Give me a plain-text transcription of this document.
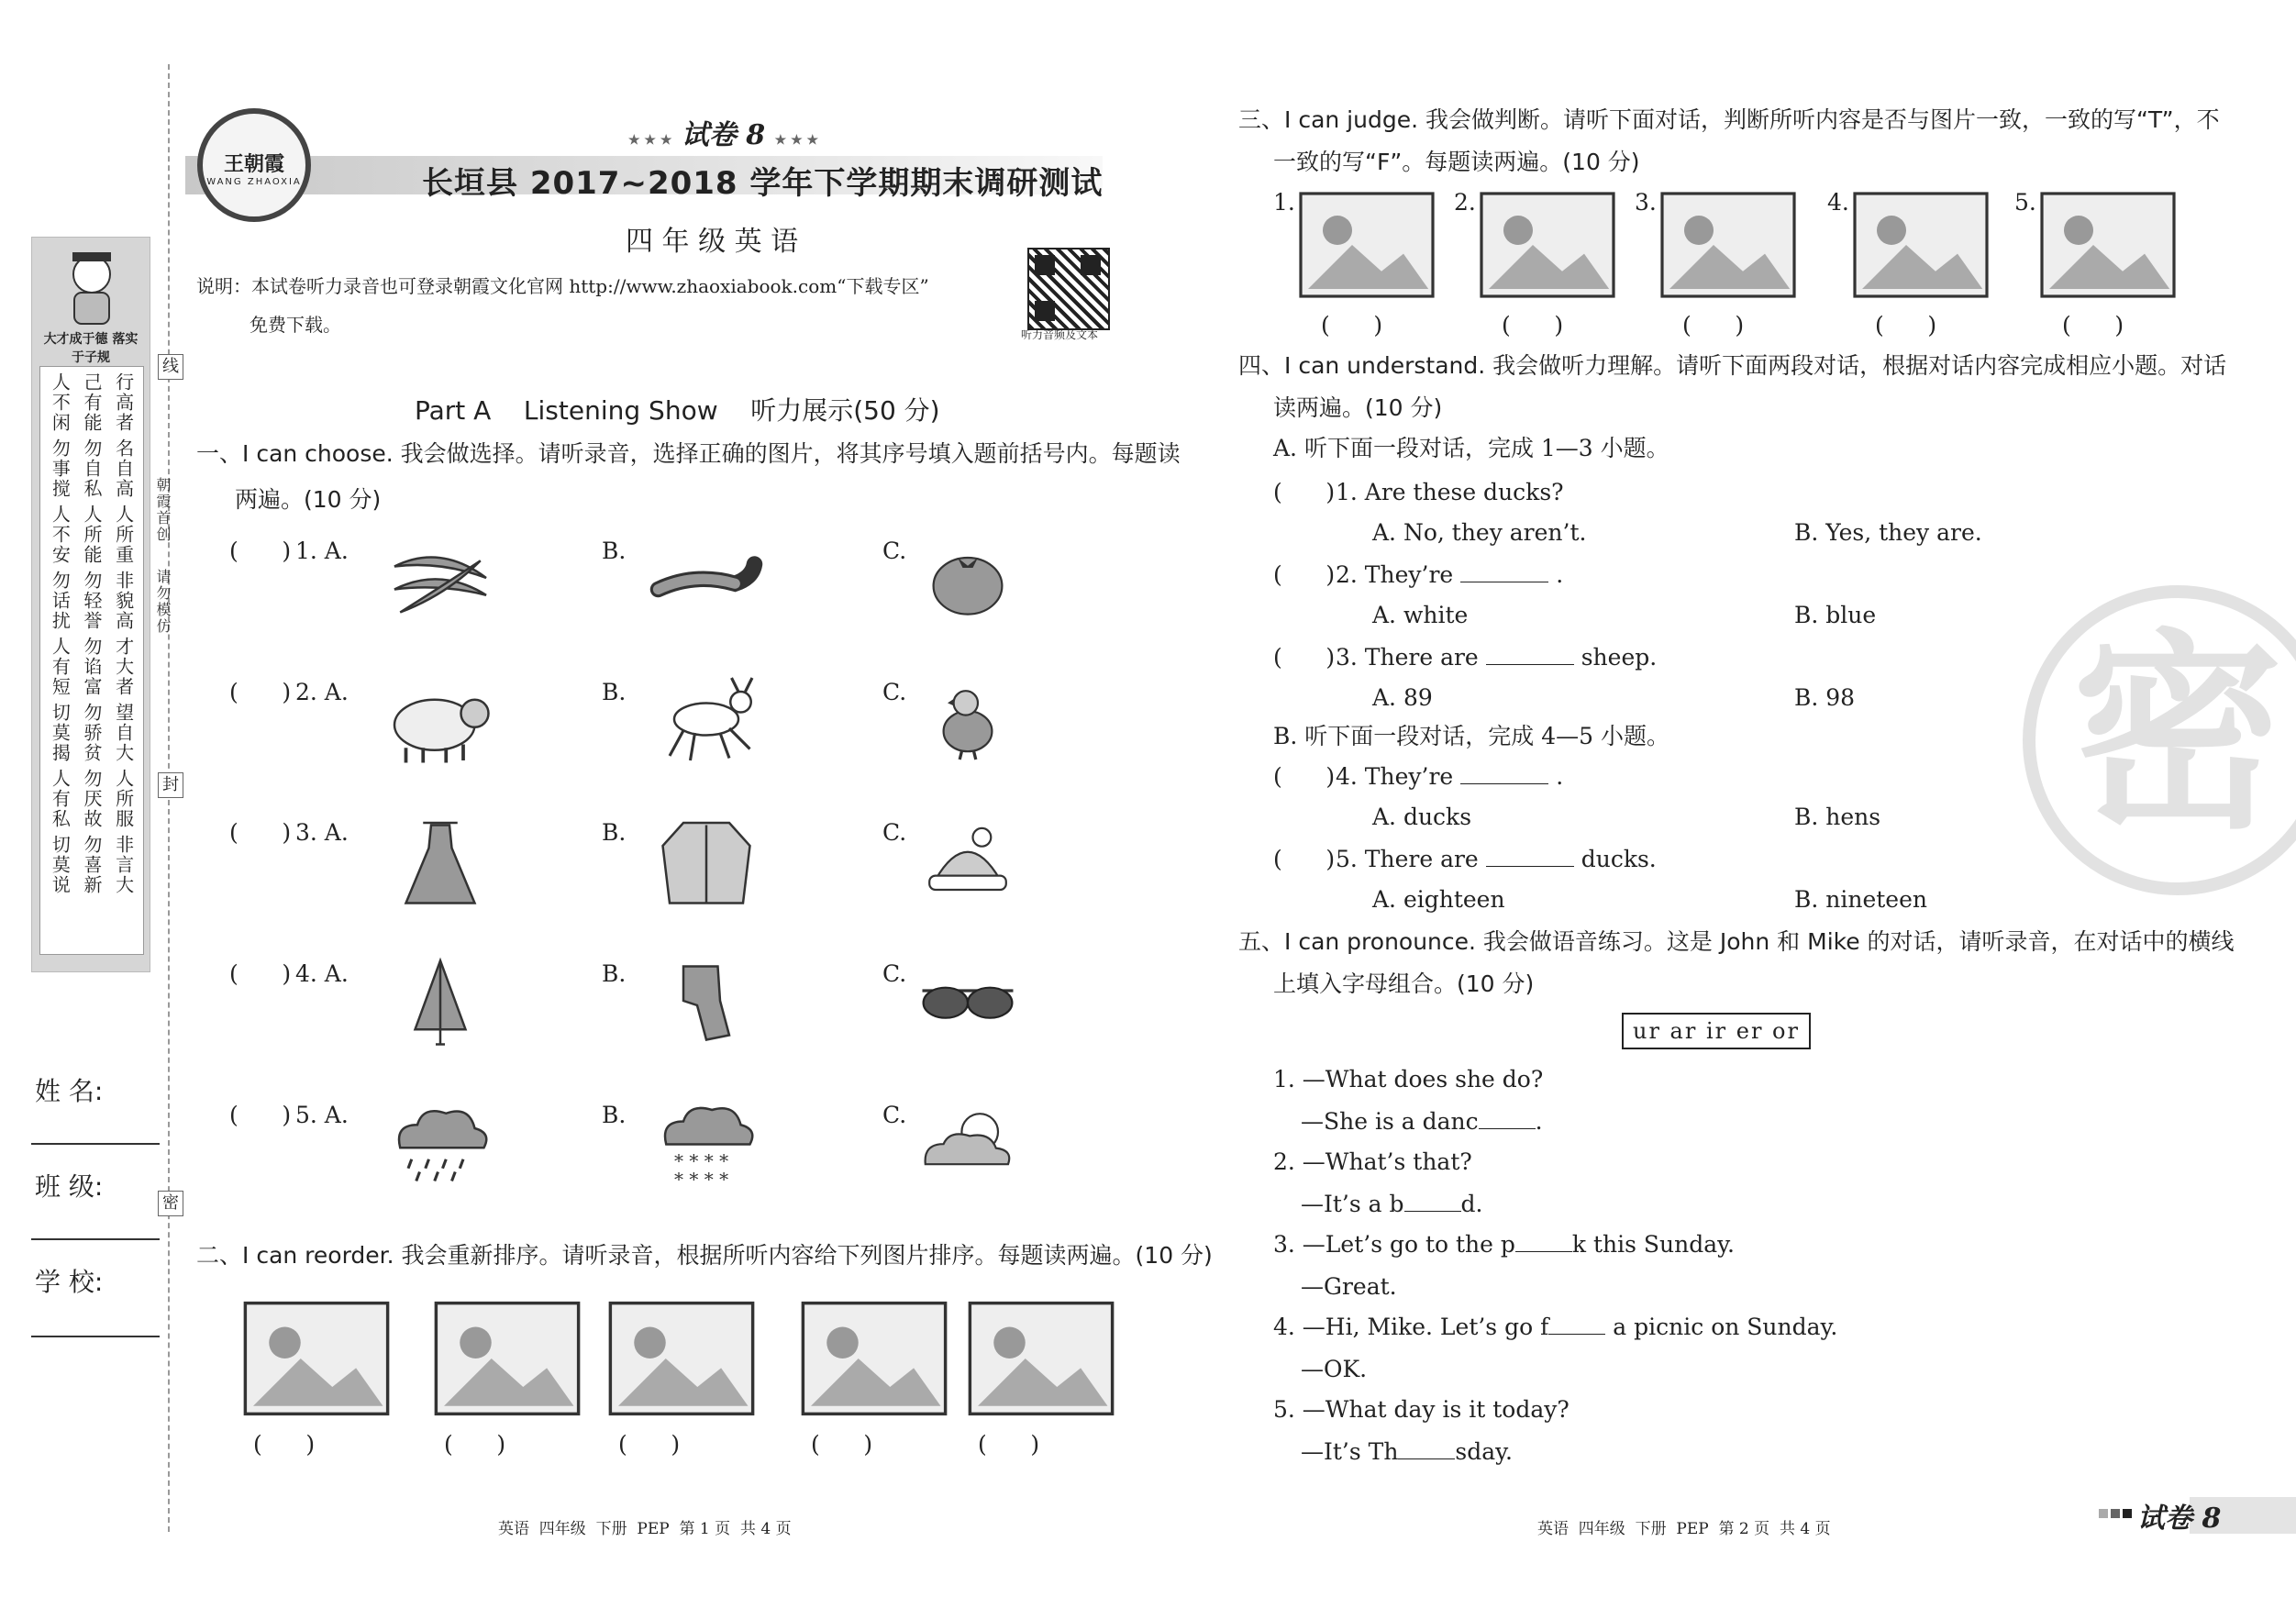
大才成于德 落实于子规
人不闲 己有能 行高者
勿事搅 勿自私 名自高
人不安 人所能 人所重
勿话扰 勿轻誉 非貌高
人有短 勿谄富 才大者
切莫揭 勿骄贫 望自大
人有私 勿厌故 人所服
切莫说 勿喜新 非言大
线
封
密
朝霞首创
请勿模仿
姓 名:
班 级:
学 校:
王朝霞
WANG ZHAOXIA
★ ★ ★ 试卷 8 ★ ★ ★
长垣县 2017~2018 学年下学期期末调研测试
四 年 级 英 语
说明：本试卷听力录音也可登录朝霞文化官网 http://www.zhaoxiabook.com“下载专区”
免费下载。	听力音频及文本
Part A    Listening Show    听力展示(50 分)
一、I can choose. 我会做选择。请听录音，选择正确的图片，将其序号填入题前括号内。每题读
两遍。(10 分)
(      ) 1. A.	B.	C.
(      ) 2. A.	B.	C.
(      ) 3. A.	B.	C.
(      ) 4. A.	B.	C.
(      ) 5. A.	B.	C.
* * * *
* * * *
二、I can reorder. 我会重新排序。请听录音，根据所听内容给下列图片排序。每题读两遍。(10 分)
(      )	(      )	(      )	(      )	(      )
英语  四年级  下册  PEP  第 1 页  共 4 页
密
三、I can judge. 我会做判断。请听下面对话，判断所听内容是否与图片一致，一致的写“T”，不
一致的写“F”。每题读两遍。(10 分)
1.
(      )
2.
(      )
3.
(      )
4.
(      )
5.
(      )
四、I can understand. 我会做听力理解。请听下面两段对话，根据对话内容完成相应小题。对话
读两遍。(10 分)
A. 听下面一段对话，完成 1—3 小题。
B. 听下面一段对话，完成 4—5 小题。
(      ) 1. Are these ducks?
A. No, they aren’t.	B. Yes, they are.
(      ) 2. They’re	.
A. white	B. blue
(      ) 3. There are	sheep.
A. 89	B. 98
(      ) 4. They’re	.
A. ducks	B. hens
(      ) 5. There are	ducks.
A. eighteen	B. nineteen
五、I can pronounce. 我会做语音练习。这是 John 和 Mike 的对话，请听录音，在对话中的横线
上填入字母组合。(10 分)
ur ar ir er or
1. —What does she do?
—She is a danc .
2. —What’s that?
—It’s a b d.
3. —Let’s go to the p k this Sunday.
—Great.
4. —Hi, Mike. Let’s go f a picnic on Sunday.
—OK.
5. —What day is it today?
—It’s Th sday.
英语  四年级  下册  PEP  第 2 页  共 4 页	试卷 8
